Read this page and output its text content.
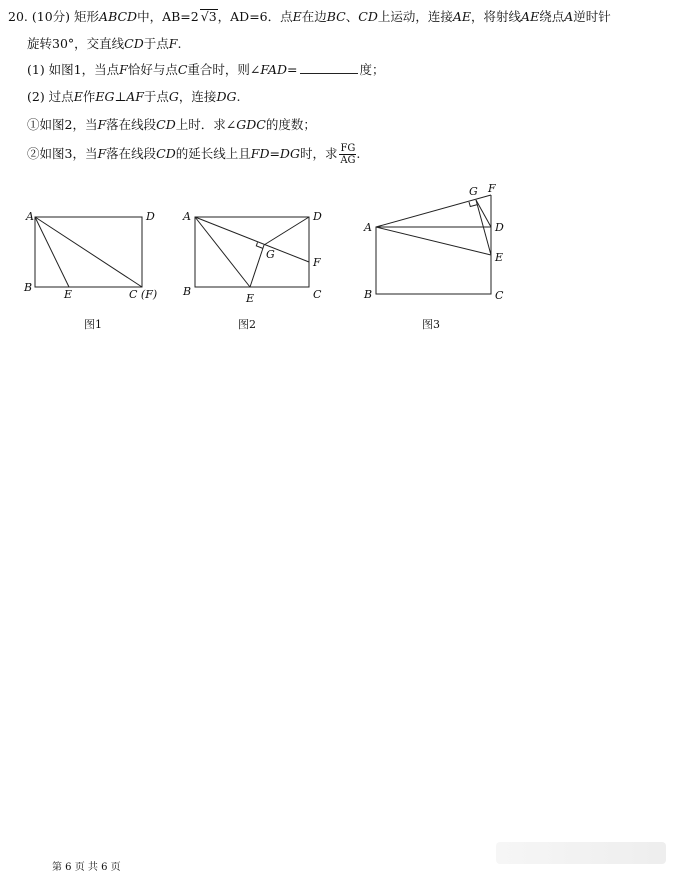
20. (10分) 矩形ABCD中，AB=2 √3，AD=6．点E在边BC、CD上运动，连接AE，将射线AE绕点A逆时针
旋转30°，交直线CD于点F.
(1) 如图1，当点F恰好与点C重合时，则∠FAD=	度；
(2) 过点E作EG⊥AF于点G，连接DG.
①如图2，当F落在线段CD上时．求∠GDC的度数；
②如图3，当F落在线段CD的延长线上且FD=DG时，求 $\frac{FG}{AG}$ .
A	D
B
E	C (F)
图1
A	D
G
F
B
E	C
图2
A
G F
D
E
B	C
图3
第 6 页 共 6 页
